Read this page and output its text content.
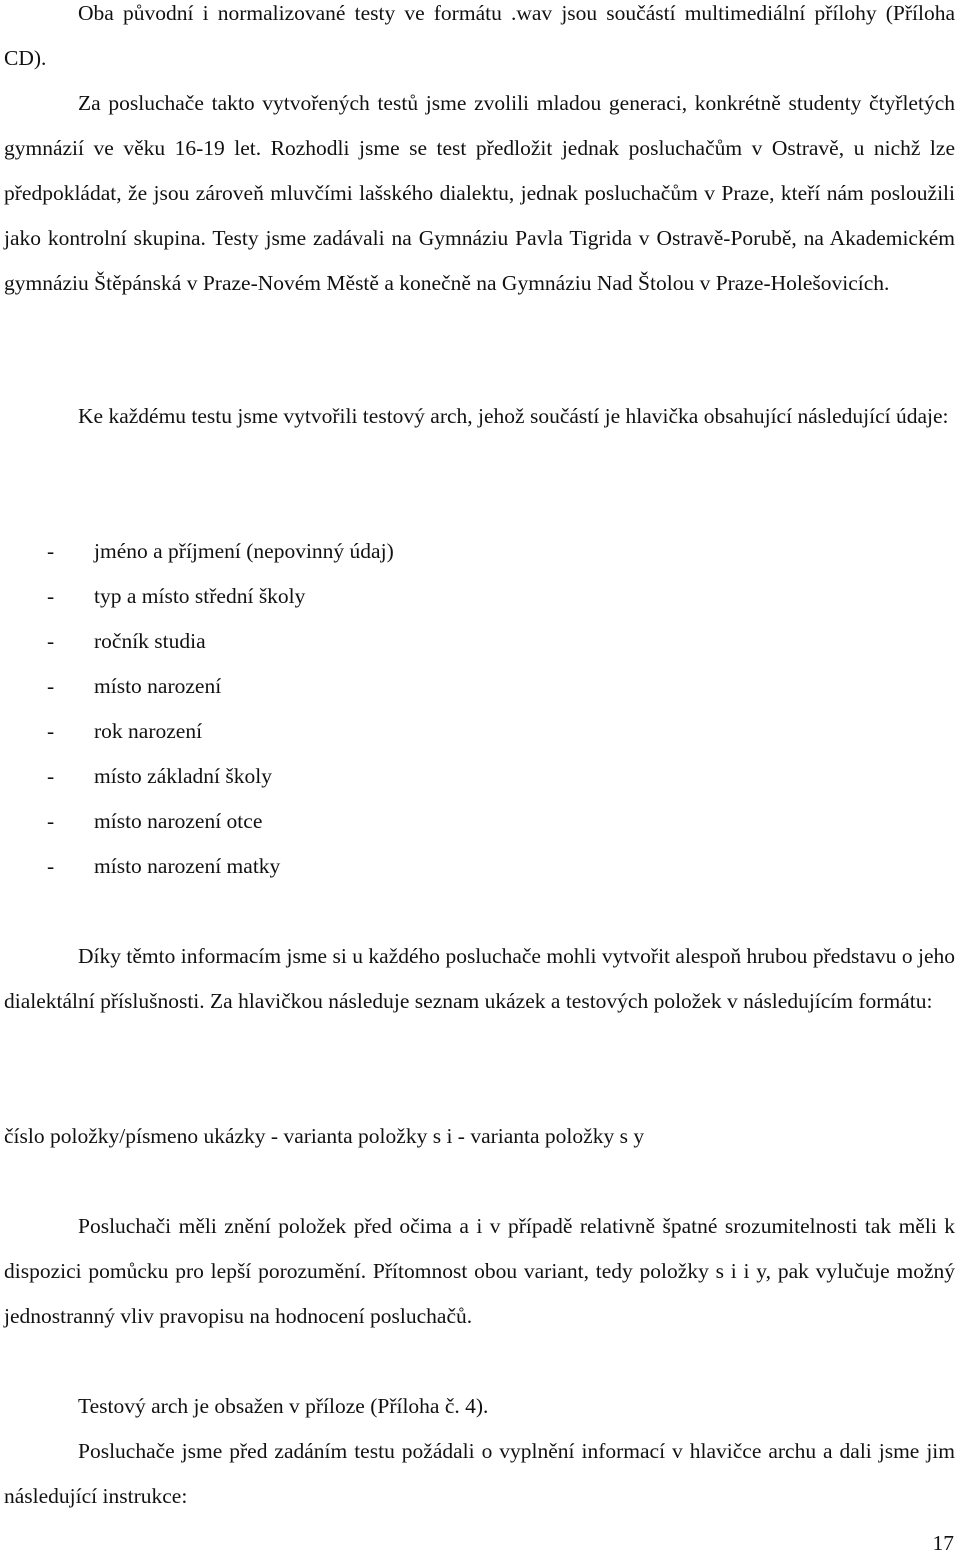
Oba původní i normalizované testy ve formátu .wav jsou součástí multimediální přílohy (Příloha CD).

Za posluchače takto vytvořených testů jsme zvolili mladou generaci, konkrétně studenty čtyřletých gymnázií ve věku 16-19 let. Rozhodli jsme se test předložit jednak posluchačům v Ostravě, u nichž lze předpokládat, že jsou zároveň mluvčími lašského dialektu, jednak posluchačům v Praze, kteří nám posloužili jako kontrolní skupina. Testy jsme zadávali na Gymnáziu Pavla Tigrida v Ostravě-Porubě, na Akademickém gymnáziu Štěpánská v Praze-Novém Městě a konečně na Gymnáziu Nad Štolou v Praze-Holešovicích.

Ke každému testu jsme vytvořili testový arch, jehož součástí je hlavička obsahující následující údaje:

- jméno a příjmení (nepovinný údaj)
- typ a místo střední školy
- ročník studia
- místo narození
- rok narození
- místo základní školy
- místo narození otce
- místo narození matky

Díky těmto informacím jsme si u každého posluchače mohli vytvořit alespoň hrubou představu o jeho dialektální příslušnosti. Za hlavičkou následuje seznam ukázek a testových položek v následujícím formátu:

číslo položky/písmeno ukázky - varianta položky s i - varianta položky s y

Posluchači měli znění položek před očima a i v případě relativně špatné srozumitelnosti tak měli k dispozici pomůcku pro lepší porozumění. Přítomnost obou variant, tedy položky s i i y, pak vylučuje možný jednostranný vliv pravopisu na hodnocení posluchačů.

Testový arch je obsažen v příloze (Příloha č. 4).

Posluchače jsme před zadáním testu požádali o vyplnění informací v hlavičce archu a dali jsme jim následující instrukce:

17
